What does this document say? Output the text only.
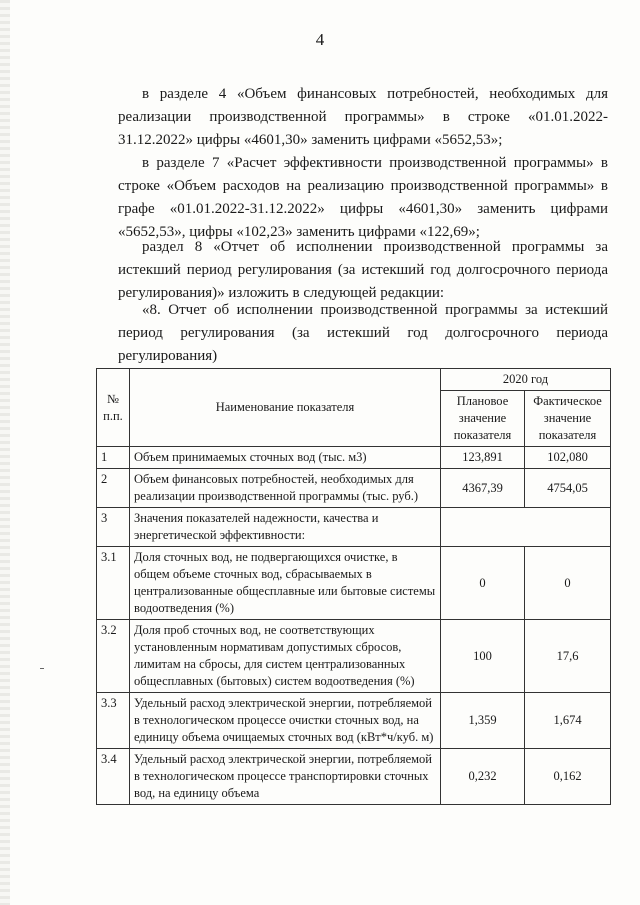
4

в разделе 4 «Объем финансовых потребностей, необходимых для реализации производственной программы» в строке «01.01.2022-31.12.2022» цифры «4601,30» заменить цифрами «5652,53»;

в разделе 7 «Расчет эффективности производственной программы» в строке «Объем расходов на реализацию производственной программы» в графе «01.01.2022-31.12.2022» цифры «4601,30» заменить цифрами «5652,53», цифры «102,23» заменить цифрами «122,69»;

раздел 8 «Отчет об исполнении производственной программы за истекший период регулирования (за истекший год долгосрочного периода регулирования)» изложить в следующей редакции:

«8. Отчет об исполнении производственной программы за истекший период регулирования (за истекший год долгосрочного периода регулирования)

№ п.п.	Наименование показателя	2020 год	
		Плановое значение показателя	Фактическое значение показателя
1	Объем принимаемых сточных вод (тыс. м3)	123,891	102,080
2	Объем финансовых потребностей, необходимых для реализации производственной программы (тыс. руб.)	4367,39	4754,05
3	Значения показателей надежности, качества и энергетической эффективности:		
3.1	Доля сточных вод, не подвергающихся очистке, в общем объеме сточных вод, сбрасываемых в централизованные общесплавные или бытовые системы водоотведения (%)	0	0
3.2	Доля проб сточных вод, не соответствующих установленным нормативам допустимых сбросов, лимитам на сбросы, для систем централизованных общесплавных (бытовых) систем водоотведения (%)	100	17,6
3.3	Удельный расход электрической энергии, потребляемой в технологическом процессе очистки сточных вод, на единицу объема очищаемых сточных вод (кВт*ч/куб. м)	1,359	1,674
3.4	Удельный расход электрической энергии, потребляемой в технологическом процессе транспортировки сточных вод, на единицу объема	0,232	0,162
